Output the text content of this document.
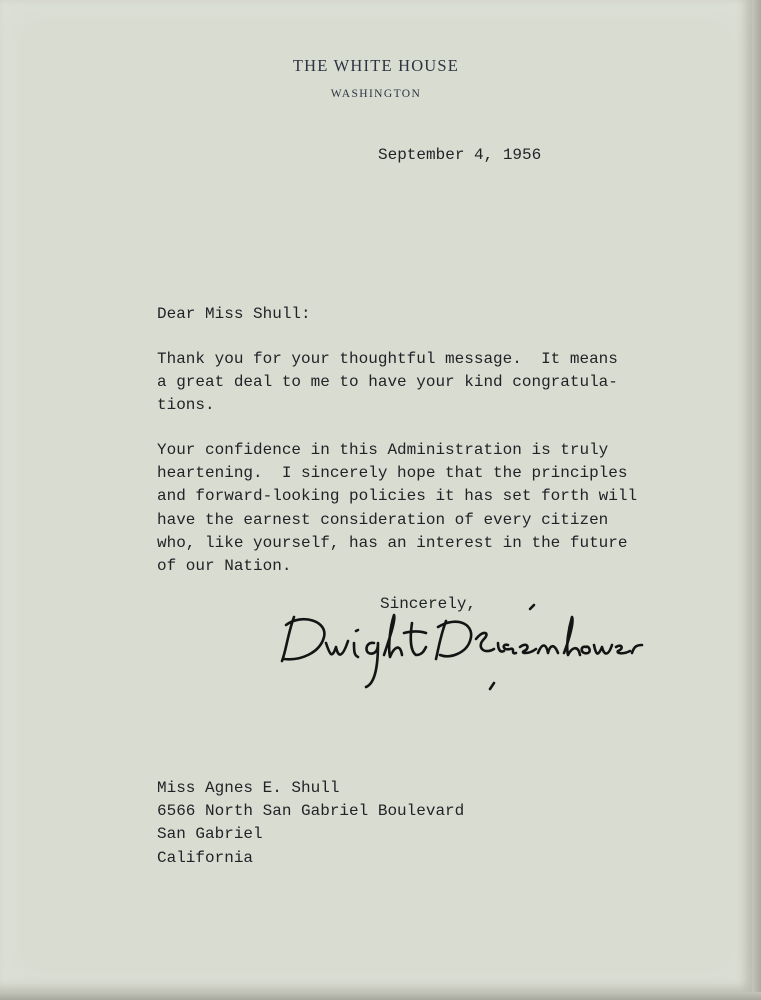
THE WHITE HOUSE
WASHINGTON
September 4, 1956
Dear Miss Shull:
Thank you for your thoughtful message.  It means
a great deal to me to have your kind congratula-
tions.
Your confidence in this Administration is truly
heartening.  I sincerely hope that the principles
and forward-looking policies it has set forth will
have the earnest consideration of every citizen
who, like yourself, has an interest in the future
of our Nation.
Sincerely,
Miss Agnes E. Shull
6566 North San Gabriel Boulevard
San Gabriel
California
